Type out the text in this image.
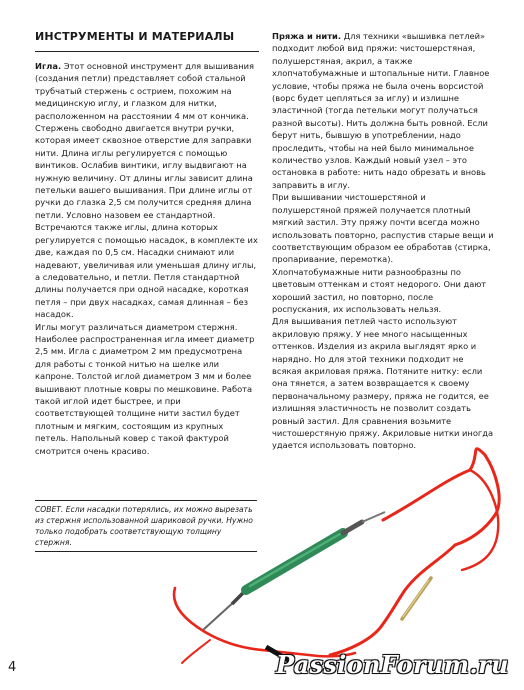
ИНСТРУМЕНТЫ И МАТЕРИАЛЫ

Игла. Этот основной инструмент для вышивания (создания петли) представляет собой стальной трубчатый стержень с острием, похожим на медицинскую иглу, и глазком для нитки, расположенном на расстоянии 4 мм от кончика. Стержень свободно двигается внутри ручки, которая имеет сквозное отверстие для заправки нити. Длина иглы регулируется с помощью винтиков. Ослабив винтики, иглу выдвигают на нужную величину. От длины иглы зависит длина петельки вашего вышивания. При длине иглы от ручки до глазка 2,5 см получится средняя длина петли. Условно назовем ее стандартной. Встречаются также иглы, длина которых регулируется с помощью насадок, в комплекте их две, каждая по 0,5 см. Насадки снимают или надевают, увеличивая или уменьшая длину иглы, а следовательно, и петли. Петля стандартной длины получается при одной насадке, короткая петля – при двух насадках, самая длинная – без насадок.

Иглы могут различаться диаметром стержня. Наиболее распространенная игла имеет диаметр 2,5 мм. Игла с диаметром 2 мм предусмотрена для работы с тонкой нитью на шелке или капроне. Толстой иглой диаметром 3 мм и более вышивают плотные ковры по мешковине. Работа такой иглой идет быстрее, и при соответствующей толщине нити застил будет плотным и мягким, состоящим из крупных петель. Напольный ковер с такой фактурой смотрится очень красиво.

Пряжа и нити. Для техники «вышивка петлей» подходит любой вид пряжи: чистошерстяная, полушерстяная, акрил, а также хлопчатобумажные и штопальные нити. Главное условие, чтобы пряжа не была очень ворсистой (ворс будет цепляться за иглу) и излишне эластичной (тогда петельки могут получаться разной высоты). Нить должна быть ровной. Если берут нить, бывшую в употреблении, надо проследить, чтобы на ней было минимальное количество узлов. Каждый новый узел – это остановка в работе: нить надо обрезать и вновь заправить в иглу.

При вышивании чистошерстяной и полушерстяной пряжей получается плотный мягкий застил. Эту пряжу почти всегда можно использовать повторно, распустив старые вещи и соответствующим образом ее обработав (стирка, пропаривание, перемотка).

Хлопчатобумажные нити разнообразны по цветовым оттенкам и стоят недорого. Они дают хороший застил, но повторно, после роспускания, их использовать нельзя.

Для вышивания петлей часто используют акриловую пряжу. У нее много насыщенных оттенков. Изделия из акрила выглядят ярко и нарядно. Но для этой техники подходит не всякая акриловая пряжа. Потяните нитку: если она тянется, а затем возвращается к своему первоначальному размеру, пряжа не годится, ее излишняя эластичность не позволит создать ровный застил. Для сравнения возьмите чистошерстяную пряжу. Акриловые нитки иногда удается использовать повторно.

СОВЕТ. Если насадки потерялись, их можно вырезать из стержня использованной шариковой ручки. Нужно только подобрать соответствующую толщину стержня.
4	PassionForum.ru
